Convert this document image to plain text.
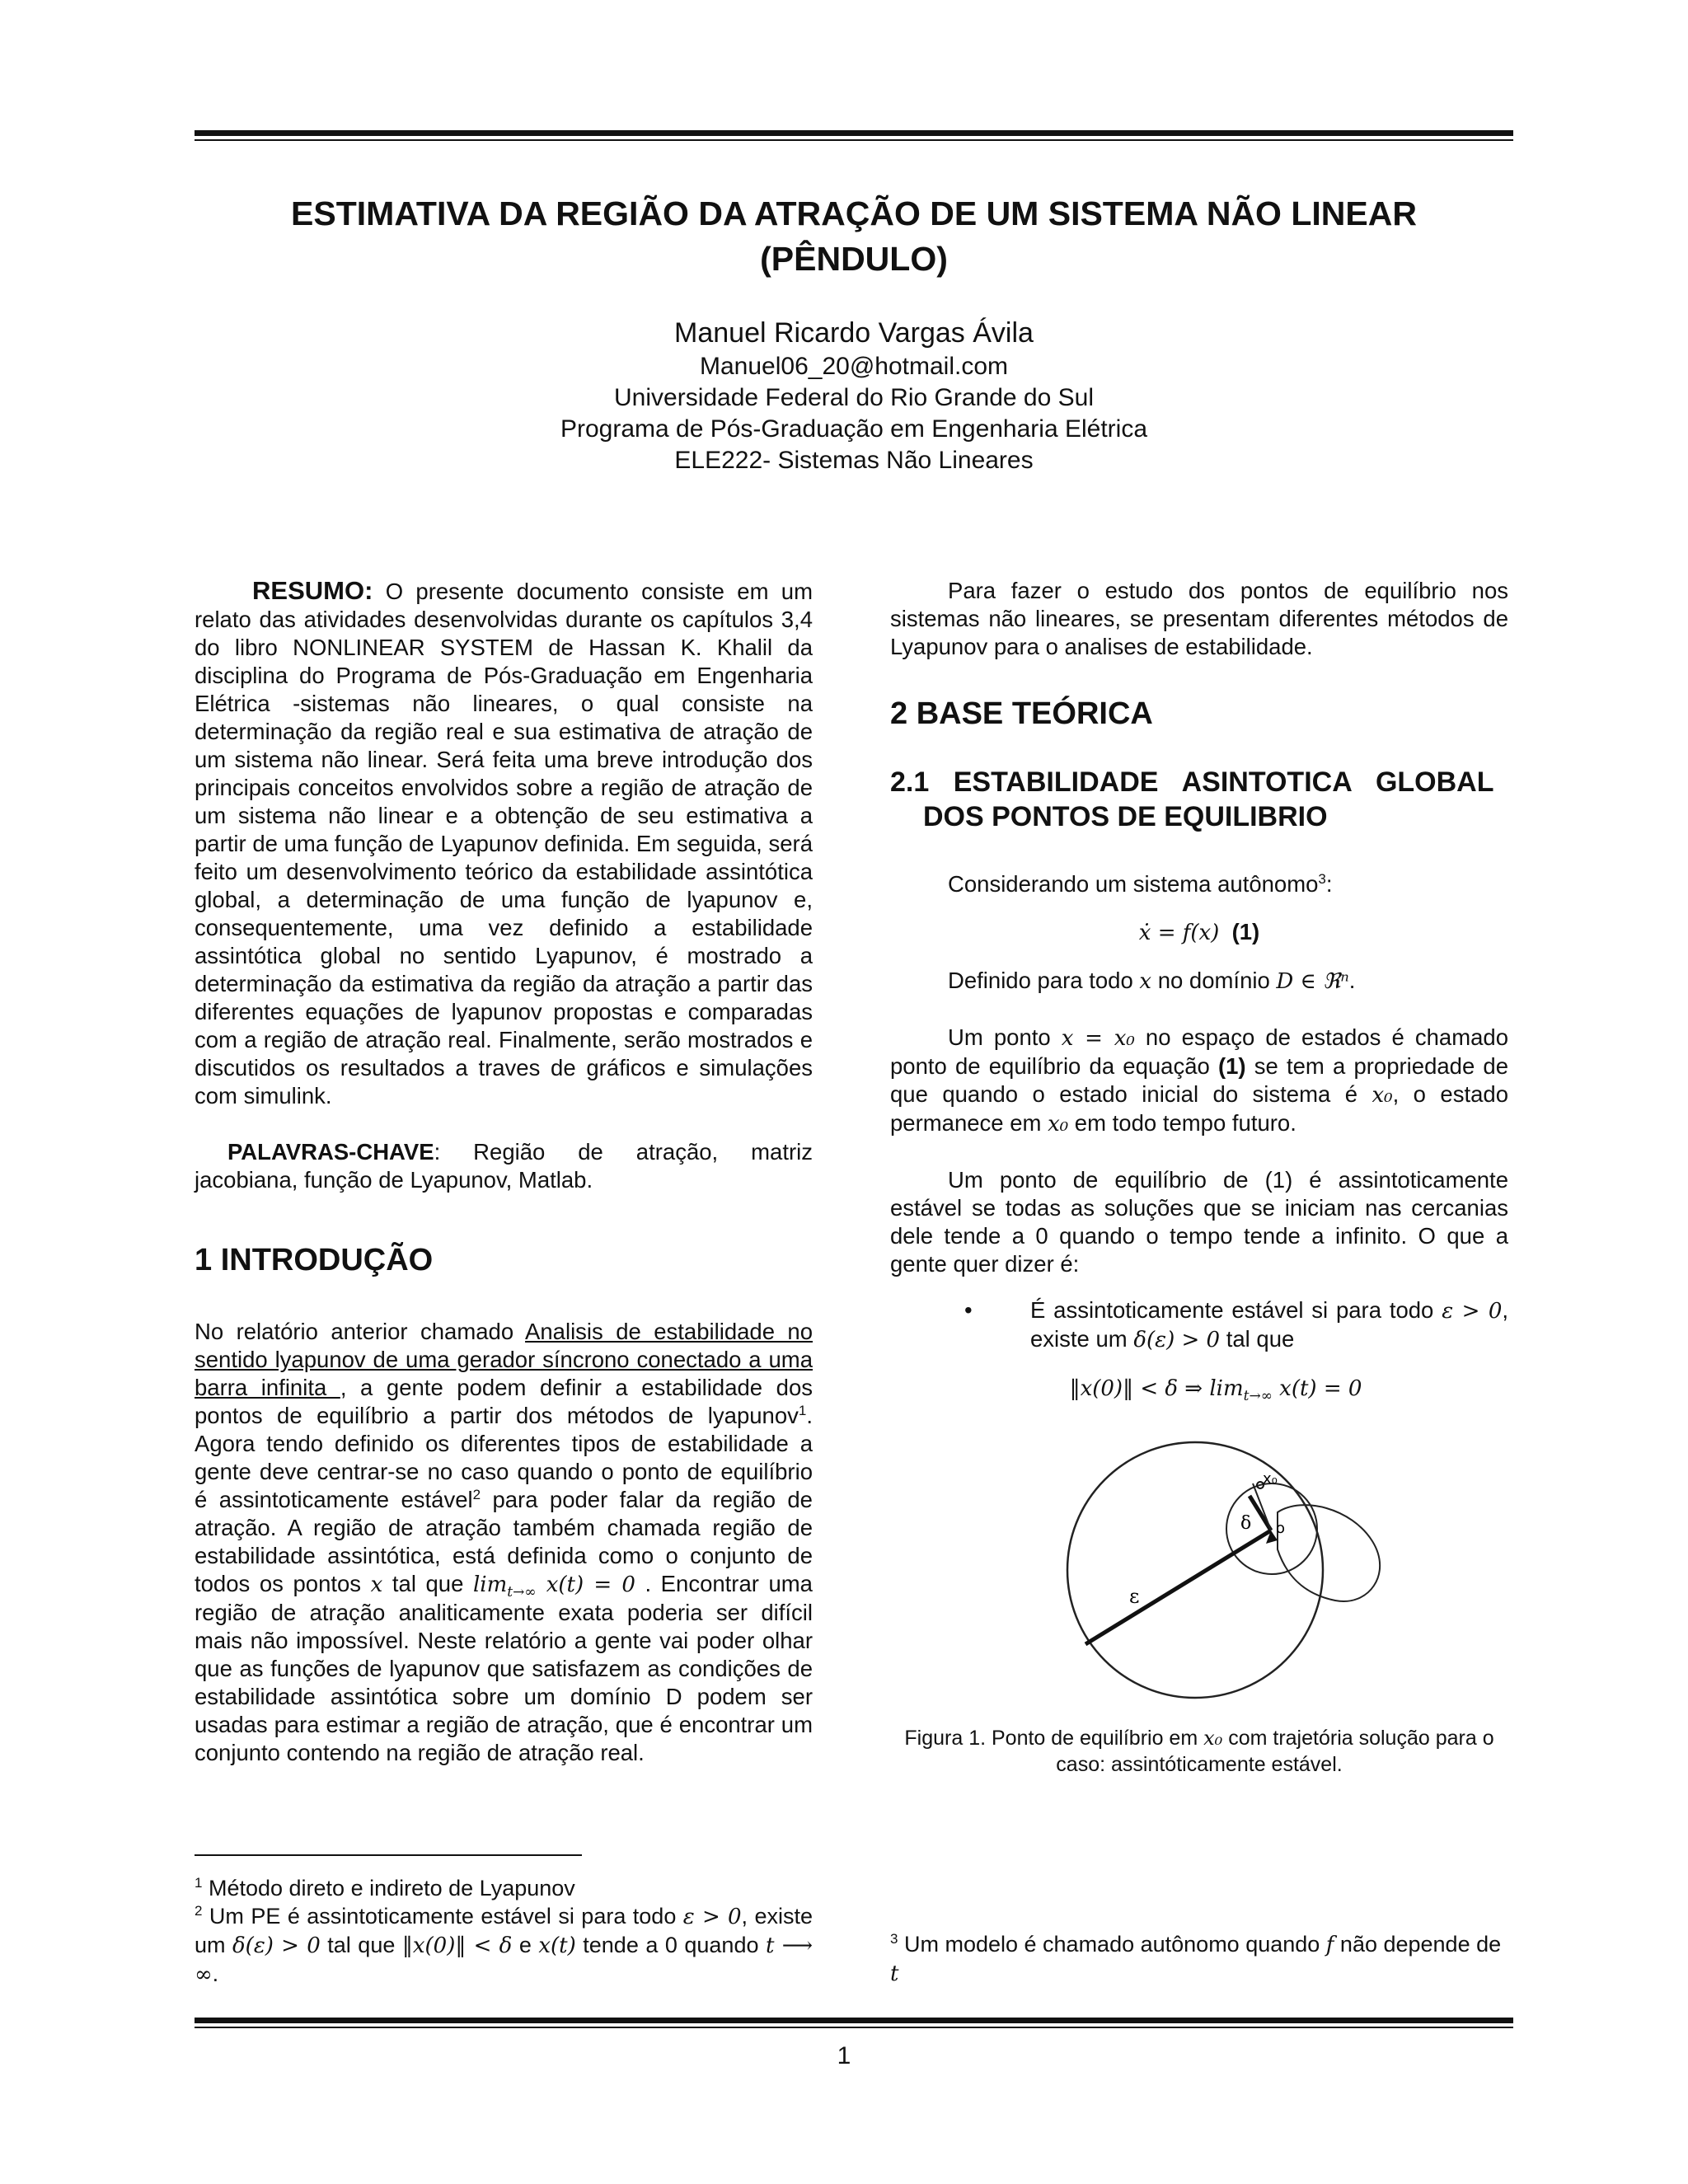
ESTIMATIVA DA REGIÃO DA ATRAÇÃO DE UM SISTEMA NÃO LINEAR
(PÊNDULO)
Manuel Ricardo Vargas Ávila
Manuel06_20@hotmail.com
Universidade Federal do Rio Grande do Sul
Programa de Pós-Graduação em Engenharia Elétrica
ELE222- Sistemas Não Lineares

RESUMO: O presente documento consiste em um relato das atividades desenvolvidas durante os capítulos 3,4 do libro NONLINEAR SYSTEM de Hassan K. Khalil da disciplina do Programa de Pós-Graduação em Engenharia Elétrica -sistemas não lineares, o qual consiste na determinação da região real e sua estimativa de atração de um sistema não linear. Será feita uma breve introdução dos principais conceitos envolvidos sobre a região de atração de um sistema não linear e a obtenção de seu estimativa a partir de uma função de Lyapunov definida. Em seguida, será feito um desenvolvimento teórico da estabilidade assintótica global, a determinação de uma função de lyapunov e, consequentemente, uma vez definido a estabilidade assintótica global no sentido Lyapunov, é mostrado a determinação da estimativa da região da atração a partir das diferentes equações de lyapunov propostas e comparadas com a região de atração real. Finalmente, serão mostrados e discutidos os resultados a traves de gráficos e simulações com simulink.

PALAVRAS-CHAVE: Região de atração, matriz jacobiana, função de Lyapunov, Matlab.

1 INTRODUÇÃO

No relatório anterior chamado Analisis de estabilidade no sentido lyapunov de uma gerador síncrono conectado a uma barra infinita , a gente podem definir a estabilidade dos pontos de equilíbrio a partir dos métodos de lyapunov$^1$. Agora tendo definido os diferentes tipos de estabilidade a gente deve centrar-se no caso quando o ponto de equilíbrio é assintoticamente estável$^2$ para poder falar da região de atração. A região de atração também chamada região de estabilidade assintótica, está definida como o conjunto de todos os pontos x tal que $\lim_{t\to\infty} x(t) = 0$ . Encontrar uma região de atração analiticamente exata poderia ser difícil mais não impossível. Neste relatório a gente vai poder olhar que as funções de lyapunov que satisfazem as condições de estabilidade assintótica sobre um domínio D podem ser usadas para estimar a região de atração, que é encontrar um conjunto contendo na região de atração real.

$^1$ Método direto e indireto de Lyapunov

$^2$ Um PE é assintoticamente estável si para todo ε > 0, existe um δ(ε) > 0 tal que ‖x(0)‖ < δ e x(t) tende a 0 quando t ⟶ ∞.

Para fazer o estudo dos pontos de equilíbrio nos sistemas não lineares, se presentam diferentes métodos de Lyapunov para o analises de estabilidade.

2 BASE TEÓRICA
2.1 ESTABILIDADE ASINTOTICA GLOBAL
DOS PONTOS DE EQUILIBRIO

Considerando um sistema autônomo$^3$:

ẋ = f(x) (1)

Definido para todo x no domínio D ∈ ℜⁿ.

Um ponto x = x₀ no espaço de estados é chamado ponto de equilíbrio da equação (1) se tem a propriedade de que quando o estado inicial do sistema é x₀, o estado permanece em x₀ em todo tempo futuro.

Um ponto de equilíbrio de (1) é assintoticamente estável se todas as soluções que se iniciam nas cercanias dele tende a 0 quando o tempo tende a infinito. O que a gente quer dizer é:

•	É assintoticamente estável si para todo ε > 0, existe um δ(ε) > 0 tal que

‖x(0)‖ < δ ⇒ $\lim_{t\to\infty} x(t) = 0$

ε
δ
x₀
o

Figura 1. Ponto de equilíbrio em x₀ com trajetória solução para o caso: assintóticamente estável.

$^3$ Um modelo é chamado autônomo quando f não depende de t

1
